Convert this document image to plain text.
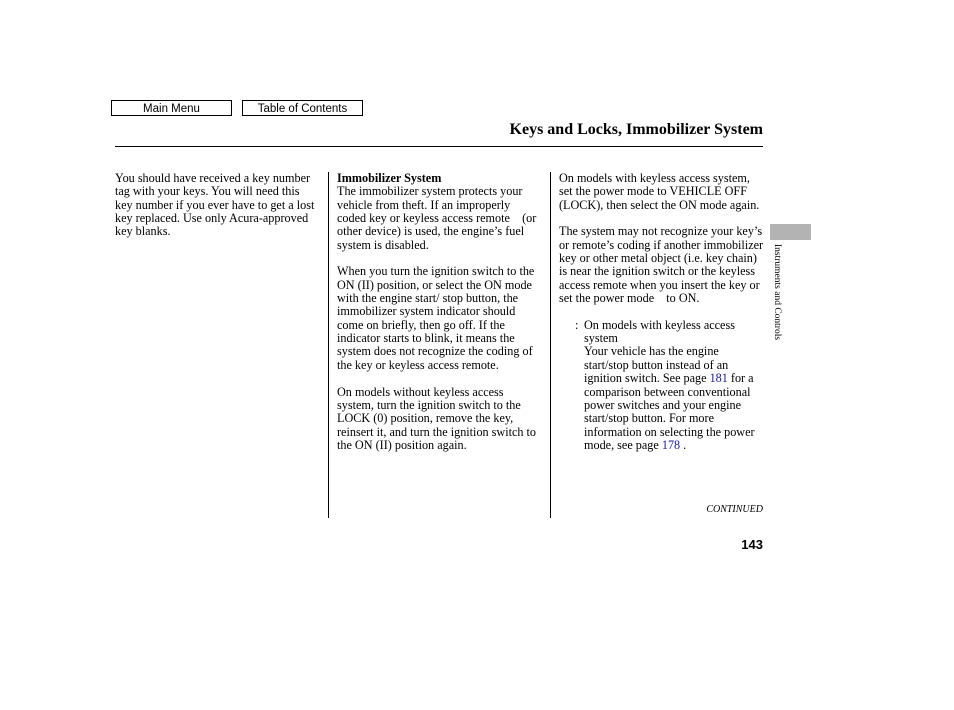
Main Menu	Table of Contents
Keys and Locks, Immobilizer System

You should have received a key number tag with your keys. You will need this key number if you ever have to get a lost key replaced. Use only Acura-approved key blanks.

Immobilizer System

The immobilizer system protects your vehicle from theft. If an improperly coded key or keyless access remote    (or other device) is used, the engine’s fuel system is disabled.

When you turn the ignition switch to the ON (II) position, or select the ON mode    with the engine start/ stop button, the immobilizer system indicator should come on briefly, then go off. If the indicator starts to blink, it means the system does not recognize the coding of the key or keyless access remote.

On models without keyless access system, turn the ignition switch to the LOCK (0) position, remove the key, reinsert it, and turn the ignition switch to the ON (II) position again.

On models with keyless access system, set the power mode to VEHICLE OFF (LOCK), then select the ON mode again.

The system may not recognize your key’s or remote’s coding if another immobilizer key or other metal object (i.e. key chain) is near the ignition switch or the keyless access remote when you insert the key or set the power mode    to ON.

: On models with keyless access system
Your vehicle has the engine start/stop button instead of an ignition switch. See page 181 for a comparison between conventional power switches and your engine start/stop button. For more information on selecting the power mode, see page 178 .
Instruments and Controls
CONTINUED
143
